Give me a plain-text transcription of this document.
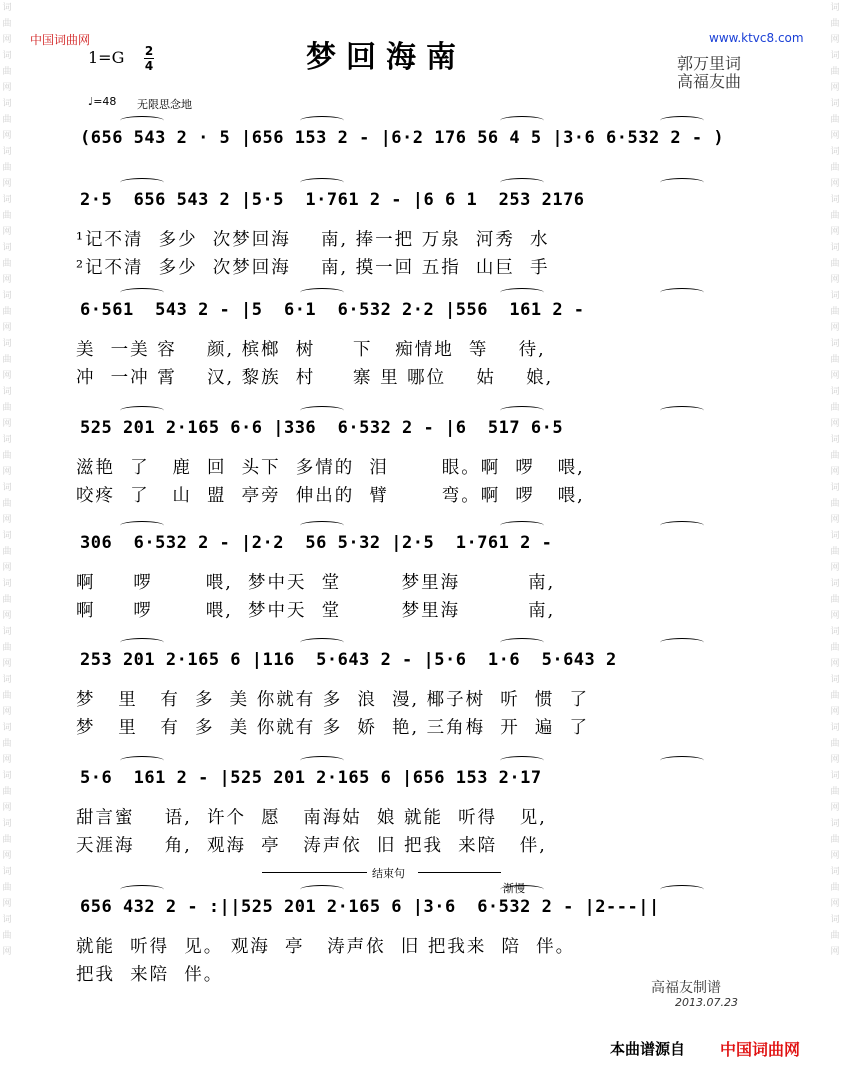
词
曲
网
词
曲
网
词
曲
网
词
曲
网
词
曲
网
词
曲
网
词
曲
网
词
曲
网
词
曲
网
词
曲
网
词
曲
网
词
曲
网
词
曲
网
词
曲
网
词
曲
网
词
曲
网
词
曲
网
词
曲
网
词
曲
网
词
曲
网
词
曲
网
词
曲
网
词
曲
网
词
曲
网
词
曲
网
词
曲
网
词
曲
网
词
曲
网
词
曲
网
词
曲
网
词
曲
网
词
曲
网
词
曲
网
词
曲
网
词
曲
网
词
曲
网
词
曲
网
词
曲
网
词
曲
网
词
曲
网
中国词曲网	www.ktvc8.com
1=G 2
4	梦回海南	郭万里词
高福友曲
♩=48 无限思念地
(656 543 2 · 5 |656 153 2 - |6·2 176 56 4 5 |3·6 6·532 2 - )
2·5  656 543 2 |5·5  1·761 2 - |6 6 1  253 2176
¹记不清  多少  次梦回海    南, 捧一把 万泉  河秀  水
²记不清  多少  次梦回海    南, 摸一回 五指  山巨  手
6·561  543 2 - |5  6·1  6·532 2·2 |556  161 2 -
美  一美 容    颜, 槟榔  树     下   痴情地  等    待,
冲  一冲 霄    汉, 黎族  村     寨 里 哪位    姑    娘,
525 201 2·165 6·6 |336  6·532 2 - |6  517 6·5
滋艳  了   鹿  回  头下  多情的  泪       眼。啊  啰   喂,
咬疼  了   山  盟  亭旁  伸出的  臂       弯。啊  啰   喂,
306  6·532 2 - |2·2  56 5·32 |2·5  1·761 2 -
啊     啰       喂,  梦中天  堂        梦里海         南,
啊     啰       喂,  梦中天  堂        梦里海         南,
253 201 2·165 6 |116  5·643 2 - |5·6  1·6  5·643 2
梦   里   有  多  美 你就有 多  浪  漫, 椰子树  听  惯  了
梦   里   有  多  美 你就有 多  娇  艳, 三角梅  开  遍  了
5·6  161 2 - |525 201 2·165 6 |656 153 2·17
甜言蜜    语,  许个  愿   南海姑  娘 就能  听得   见,
天涯海    角,  观海  亭   涛声依  旧 把我  来陪   伴,
656 432 2 - :||525 201 2·165 6 |3·6  6·532 2 - |2---||
就能  听得  见。 观海  亭   涛声依  旧 把我来  陪  伴。
把我  来陪  伴。
结束句
渐慢
高福友制谱
2013.07.23
本曲谱源自 中国词曲网
